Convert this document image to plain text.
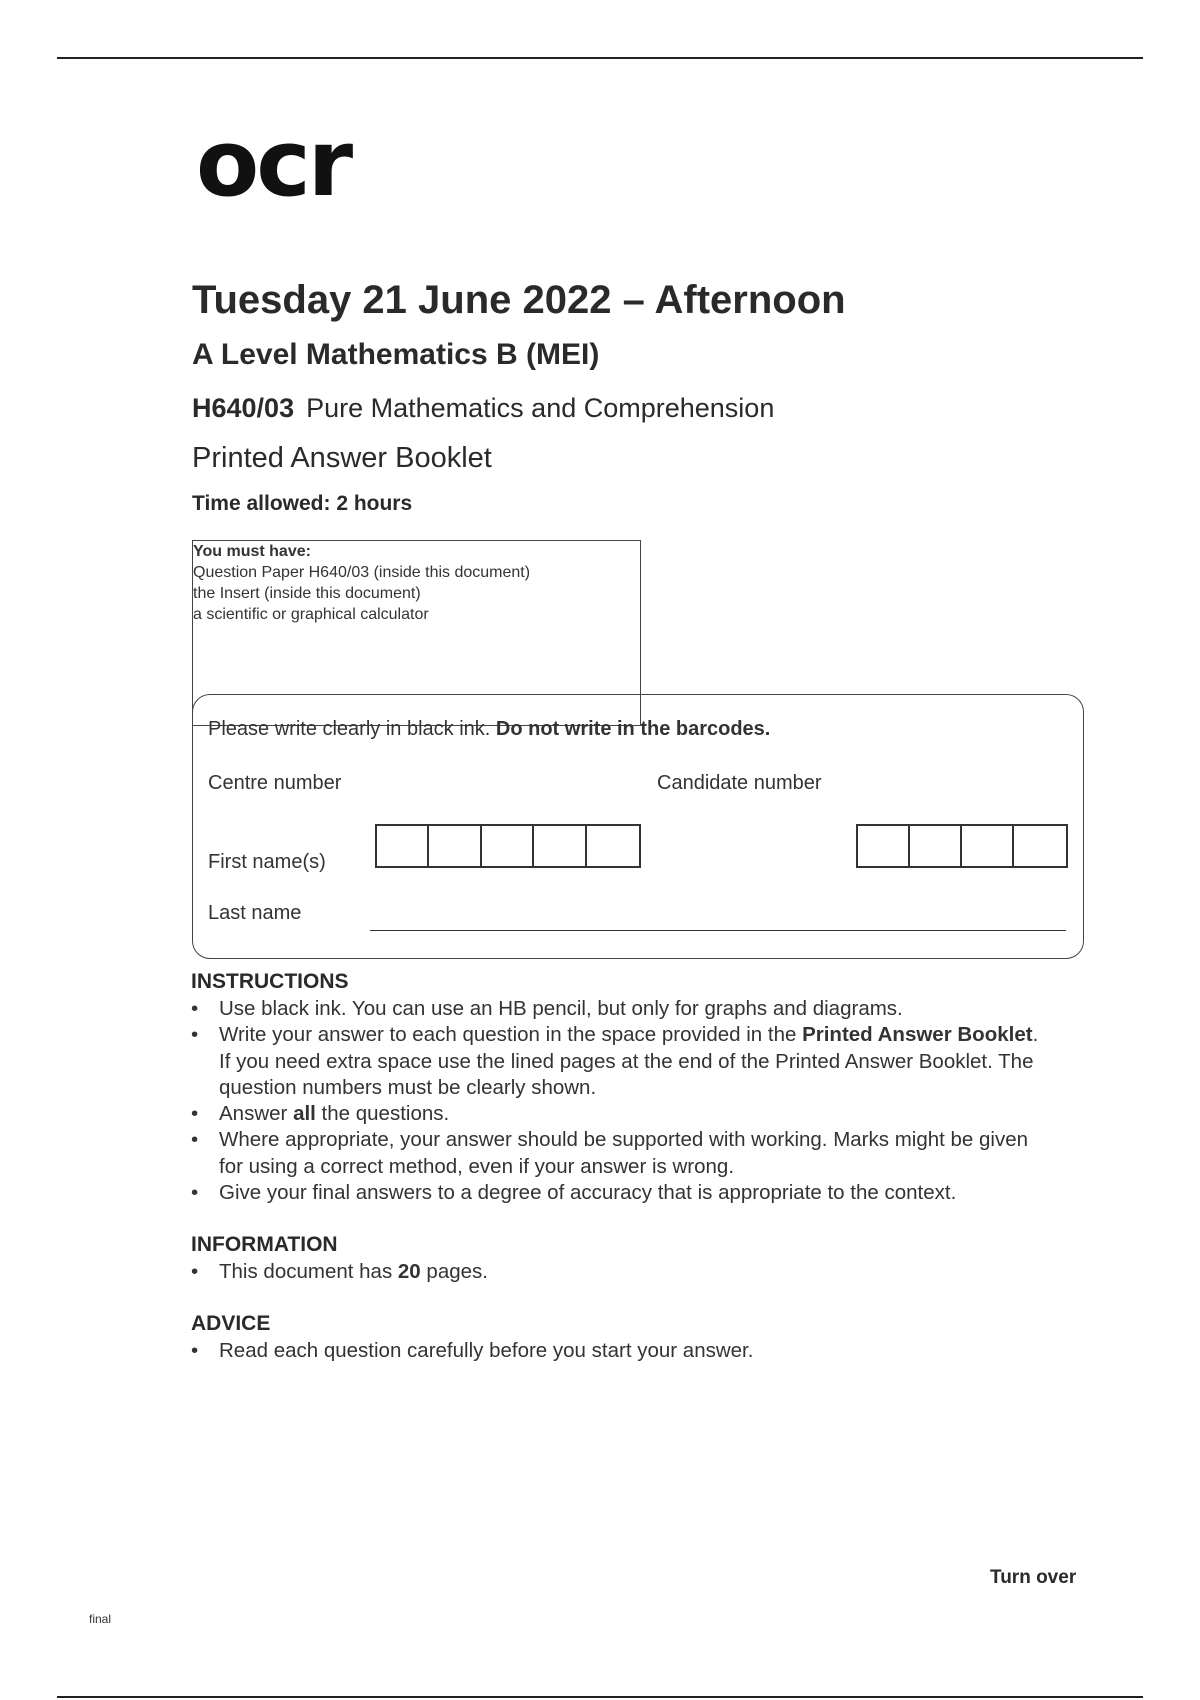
ocr
Tuesday 21 June 2022 – Afternoon
A Level Mathematics B (MEI)
H640/03 Pure Mathematics and Comprehension
Printed Answer Booklet
Time allowed: 2 hours
You must have:
Question Paper H640/03 (inside this document)
the Insert (inside this document)
a scientific or graphical calculator
Please write clearly in black ink. Do not write in the barcodes.
Centre number	Candidate number
First name(s)
Last name
INSTRUCTIONS
• Use black ink. You can use an HB pencil, but only for graphs and diagrams.
• Write your answer to each question in the space provided in the Printed Answer Booklet. If you need extra space use the lined pages at the end of the Printed Answer Booklet. The question numbers must be clearly shown.
• Answer all the questions.
• Where appropriate, your answer should be supported with working. Marks might be given for using a correct method, even if your answer is wrong.
• Give your final answers to a degree of accuracy that is appropriate to the context.
INFORMATION
• This document has 20 pages.
ADVICE
• Read each question carefully before you start your answer.
Turn over
final
